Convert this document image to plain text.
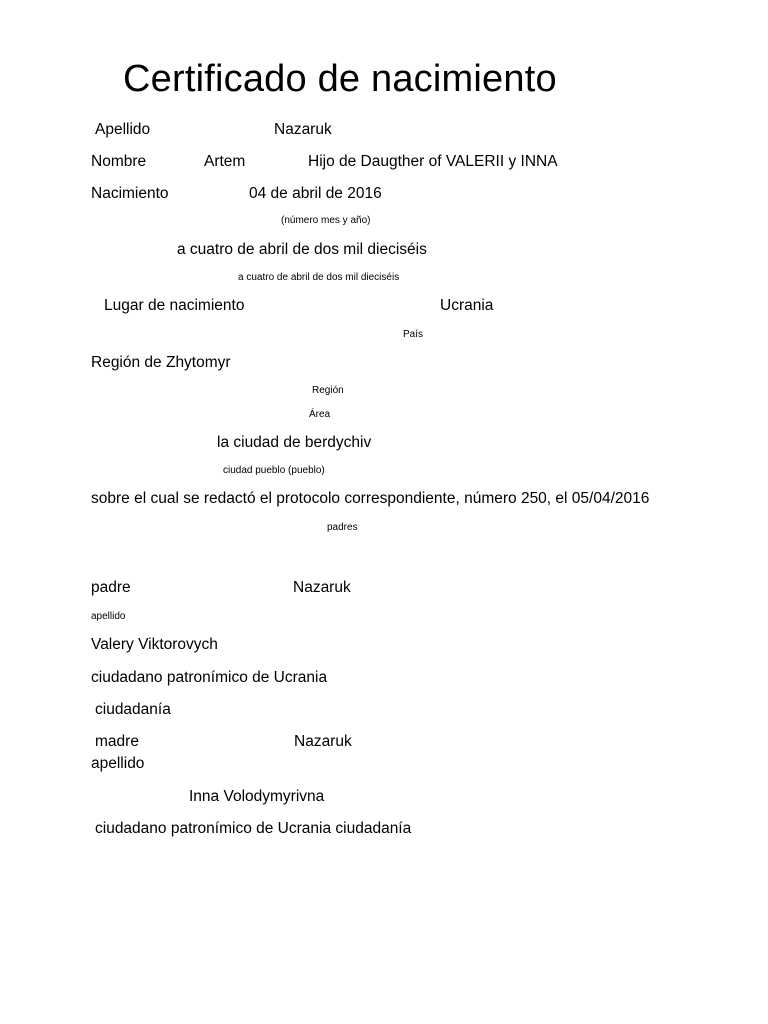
Certificado de nacimiento
Apellido	Nazaruk
Nombre	Artem	Hijo de Daugther of VALERII y INNA
Nacimiento	04 de abril de 2016
(número mes y año)
a cuatro de abril de dos mil dieciséis
a cuatro de abril de dos mil dieciséis
Lugar de nacimiento	Ucrania
País
Región de Zhytomyr
Región
Área
la ciudad de berdychiv
ciudad pueblo (pueblo)
sobre el cual se redactó el protocolo correspondiente, número 250, el 05/04/2016
padres
padre	Nazaruk
apellido
Valery Viktorovych
ciudadano patronímico de Ucrania
ciudadanía
madre	Nazaruk
apellido
Inna Volodymyrivna
ciudadano patronímico de Ucrania ciudadanía
